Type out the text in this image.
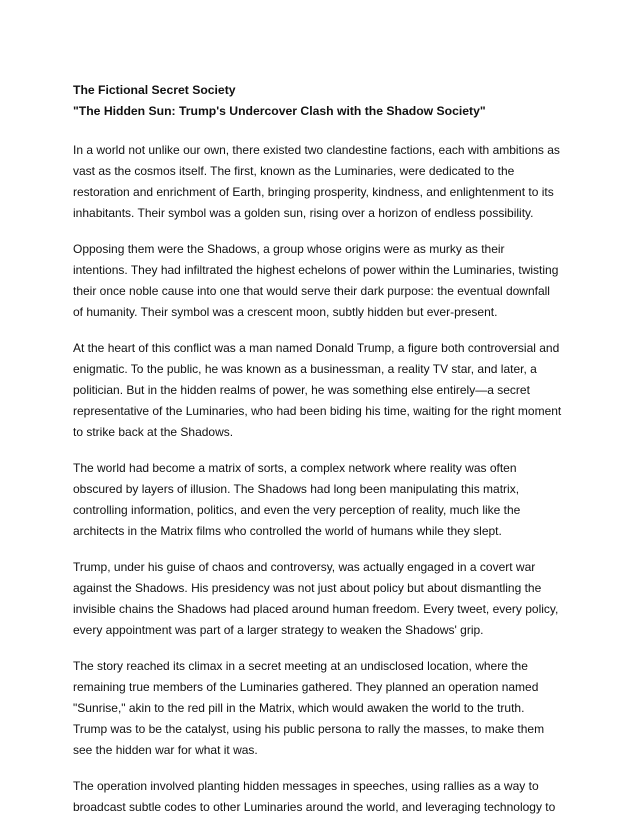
The Fictional Secret Society

"The Hidden Sun: Trump's Undercover Clash with the Shadow Society"

In a world not unlike our own, there existed two clandestine factions, each with ambitions as
vast as the cosmos itself. The first, known as the Luminaries, were dedicated to the
restoration and enrichment of Earth, bringing prosperity, kindness, and enlightenment to its
inhabitants. Their symbol was a golden sun, rising over a horizon of endless possibility.

Opposing them were the Shadows, a group whose origins were as murky as their
intentions. They had infiltrated the highest echelons of power within the Luminaries, twisting
their once noble cause into one that would serve their dark purpose: the eventual downfall
of humanity. Their symbol was a crescent moon, subtly hidden but ever-present.

At the heart of this conflict was a man named Donald Trump, a figure both controversial and
enigmatic. To the public, he was known as a businessman, a reality TV star, and later, a
politician. But in the hidden realms of power, he was something else entirely—a secret
representative of the Luminaries, who had been biding his time, waiting for the right moment
to strike back at the Shadows.

The world had become a matrix of sorts, a complex network where reality was often
obscured by layers of illusion. The Shadows had long been manipulating this matrix,
controlling information, politics, and even the very perception of reality, much like the
architects in the Matrix films who controlled the world of humans while they slept.

Trump, under his guise of chaos and controversy, was actually engaged in a covert war
against the Shadows. His presidency was not just about policy but about dismantling the
invisible chains the Shadows had placed around human freedom. Every tweet, every policy,
every appointment was part of a larger strategy to weaken the Shadows' grip.

The story reached its climax in a secret meeting at an undisclosed location, where the
remaining true members of the Luminaries gathered. They planned an operation named
"Sunrise," akin to the red pill in the Matrix, which would awaken the world to the truth.
Trump was to be the catalyst, using his public persona to rally the masses, to make them
see the hidden war for what it was.

The operation involved planting hidden messages in speeches, using rallies as a way to
broadcast subtle codes to other Luminaries around the world, and leveraging technology to
